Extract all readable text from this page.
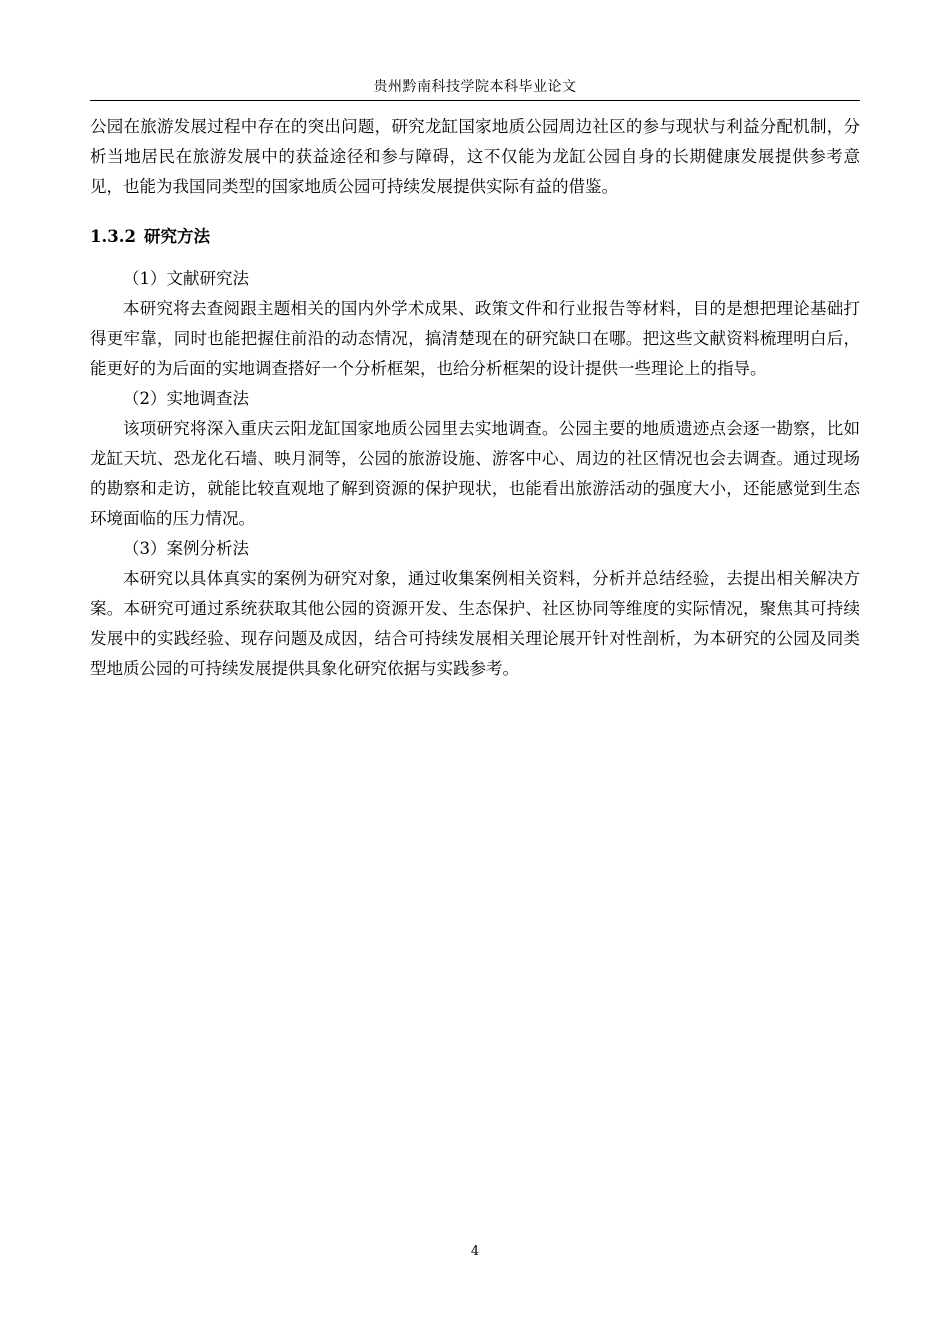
贵州黔南科技学院本科毕业论文

公园在旅游发展过程中存在的突出问题，研究龙缸国家地质公园周边社区的参与现状与利益分配机制，分析当地居民在旅游发展中的获益途径和参与障碍，这不仅能为龙缸公园自身的长期健康发展提供参考意见，也能为我国同类型的国家地质公园可持续发展提供实际有益的借鉴。

1.3.2 研究方法

（1）文献研究法

本研究将去查阅跟主题相关的国内外学术成果、政策文件和行业报告等材料，目的是想把理论基础打得更牢靠，同时也能把握住前沿的动态情况，搞清楚现在的研究缺口在哪。把这些文献资料梳理明白后，能更好的为后面的实地调查搭好一个分析框架，也给分析框架的设计提供一些理论上的指导。

（2）实地调查法

该项研究将深入重庆云阳龙缸国家地质公园里去实地调查。公园主要的地质遗迹点会逐一勘察，比如龙缸天坑、恐龙化石墙、映月洞等，公园的旅游设施、游客中心、周边的社区情况也会去调查。通过现场的勘察和走访，就能比较直观地了解到资源的保护现状，也能看出旅游活动的强度大小，还能感觉到生态环境面临的压力情况。

（3）案例分析法

本研究以具体真实的案例为研究对象，通过收集案例相关资料，分析并总结经验，去提出相关解决方案。本研究可通过系统获取其他公园的资源开发、生态保护、社区协同等维度的实际情况，聚焦其可持续发展中的实践经验、现存问题及成因，结合可持续发展相关理论展开针对性剖析，为本研究的公园及同类型地质公园的可持续发展提供具象化研究依据与实践参考。

4
